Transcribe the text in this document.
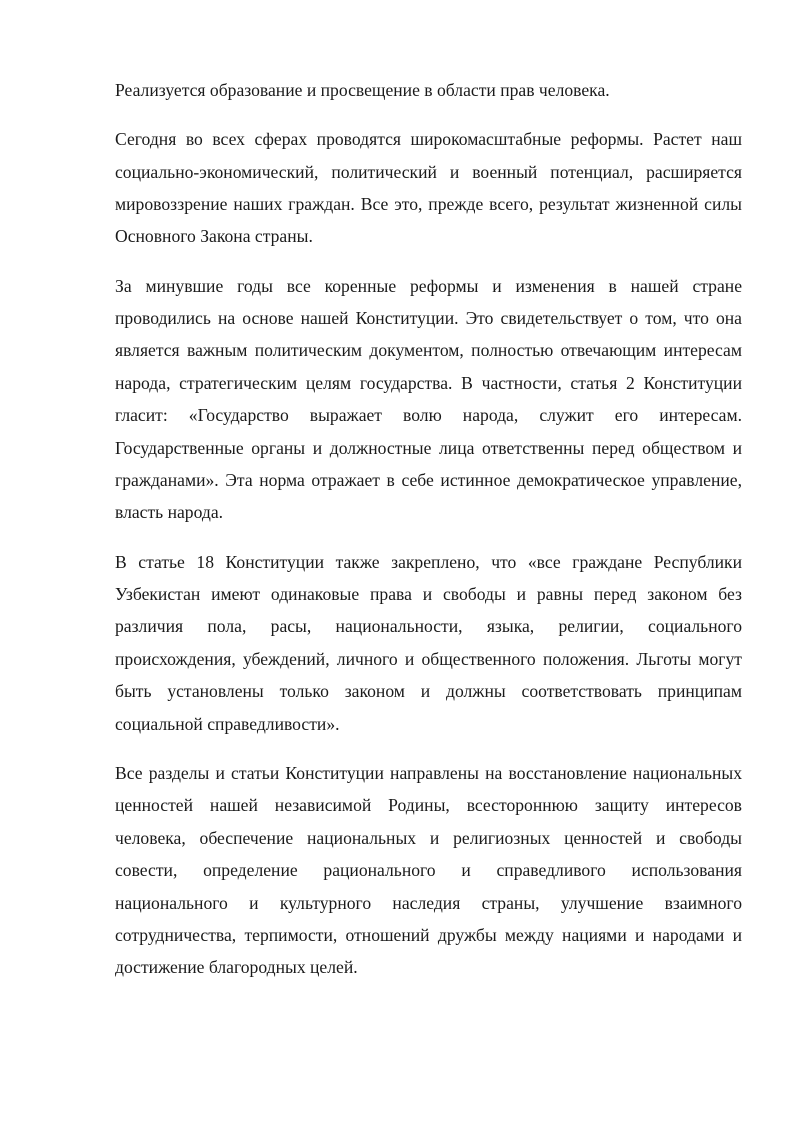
Реализуется образование и просвещение в области прав человека.

Сегодня во всех сферах проводятся широкомасштабные реформы. Растет наш социально-экономический, политический и военный потенциал, расширяется мировоззрение наших граждан. Все это, прежде всего, результат жизненной силы Основного Закона страны.

За минувшие годы все коренные реформы и изменения в нашей стране проводились на основе нашей Конституции. Это свидетельствует о том, что она является важным политическим документом, полностью отвечающим интересам народа, стратегическим целям государства. В частности, статья 2 Конституции гласит: «Государство выражает волю народа, служит его интересам. Государственные органы и должностные лица ответственны перед обществом и гражданами». Эта норма отражает в себе истинное демократическое управление, власть народа.

В статье 18 Конституции также закреплено, что «все граждане Республики Узбекистан имеют одинаковые права и свободы и равны перед законом без различия пола, расы, национальности, языка, религии, социального происхождения, убеждений, личного и общественного положения. Льготы могут быть установлены только законом и должны соответствовать принципам социальной справедливости».

Все разделы и статьи Конституции направлены на восстановление национальных ценностей нашей независимой Родины, всестороннюю защиту интересов человека, обеспечение национальных и религиозных ценностей и свободы совести, определение рационального и справедливого использования национального и культурного наследия страны, улучшение взаимного сотрудничества, терпимости, отношений дружбы между нациями и народами и достижение благородных целей.
